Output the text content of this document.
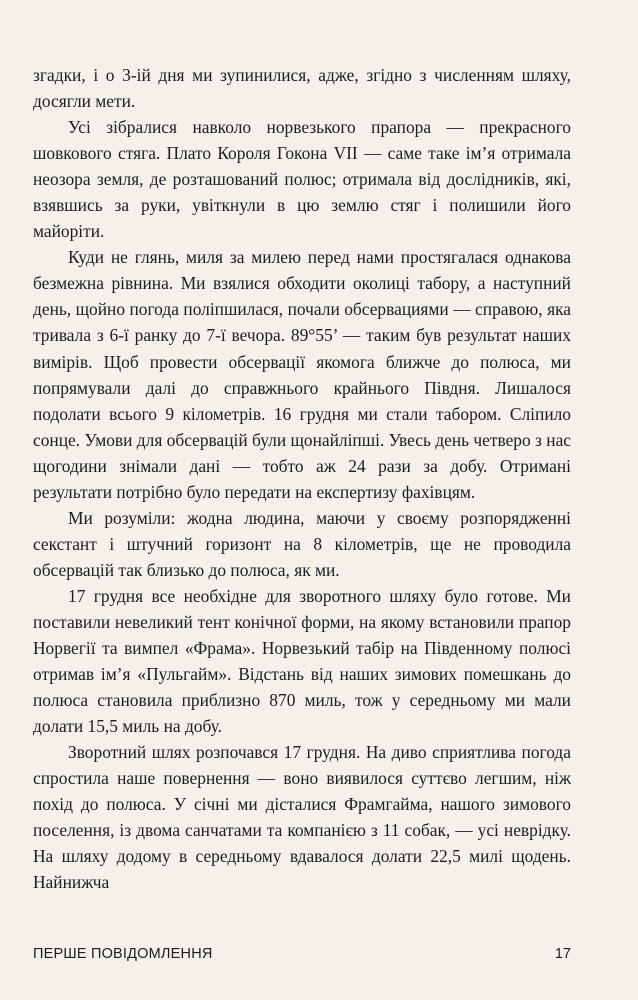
згадки, і о 3-ій дня ми зупинилися, адже, згідно з численням шляху, досягли мети.

Усі зібралися навколо норвезького прапора — прекрасного шовкового стяга. Плато Короля Гокона VII — саме таке ім’я отримала неозора земля, де розташований полюс; отримала від дослідників, які, взявшись за руки, увіткнули в цю землю стяг і полишили його майоріти.

Куди не глянь, миля за милею перед нами простягалася однакова безмежна рівнина. Ми взялися обходити околиці табору, а наступний день, щойно погода поліпшилася, почали обсервациями — справою, яка тривала з 6-ї ранку до 7-ї вечора. 89°55’ — таким був результат наших вимірів. Щоб провести обсервації якомога ближче до полюса, ми попрямували далі до справжнього крайнього Півдня. Лишалося подолати всього 9 кілометрів. 16 грудня ми стали табором. Сліпило сонце. Умови для обсервацій були щонайліпші. Увесь день четверо з нас щогодини знімали дані — тобто аж 24 рази за добу. Отримані результати потрібно було передати на експертизу фахівцям.

Ми розуміли: жодна людина, маючи у своєму розпорядженні секстант і штучний горизонт на 8 кілометрів, ще не проводила обсервацій так близько до полюса, як ми.

17 грудня все необхідне для зворотного шляху було готове. Ми поставили невеликий тент конічної форми, на якому встановили прапор Норвегії та вимпел «Фрама». Норвезький табір на Південному полюсі отримав ім’я «Пульгайм». Відстань від наших зимових помешкань до полюса становила приблизно 870 миль, тож у середньому ми мали долати 15,5 миль на добу.

Зворотний шлях розпочався 17 грудня. На диво сприятлива погода спростила наше повернення — воно виявилося суттєво легшим, ніж похід до полюса. У січні ми дісталися Фрамгайма, нашого зимового поселення, із двома санчатами та компанією з 11 собак, — усі неврідку. На шляху додому в середньому вдавалося долати 22,5 милі щодень. Найнижча

ПЕРШЕ ПОВІДОМЛЕННЯ	17
